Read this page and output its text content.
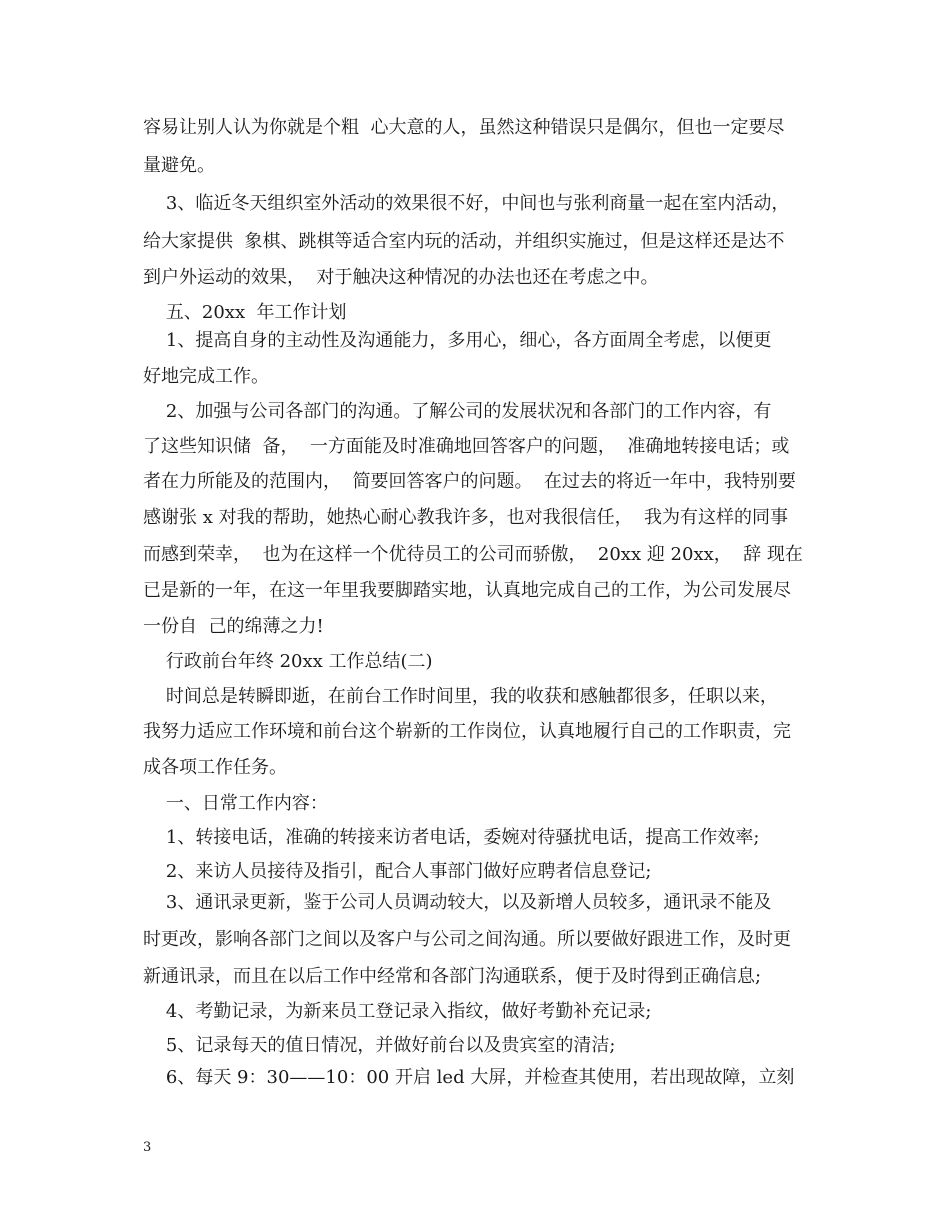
容易让别人认为你就是个粗  心大意的人，虽然这种错误只是偶尔，但也一定要尽
量避免。
3、临近冬天组织室外活动的效果很不好，中间也与张利商量一起在室内活动，
给大家提供  象棋、跳棋等适合室内玩的活动，并组织实施过，但是这样还是达不
到户外运动的效果，  对于触决这种情况的办法也还在考虑之中。
五、20xx  年工作计划
1、提高自身的主动性及沟通能力，多用心，细心，各方面周全考虑，以便更
好地完成工作。
2、加强与公司各部门的沟通。了解公司的发展状况和各部门的工作内容，有
了这些知识储  备，  一方面能及时准确地回答客户的问题，  准确地转接电话；或
者在力所能及的范围内，  简要回答客户的问题。  在过去的将近一年中，我特别要
感谢张 x 对我的帮助，她热心耐心教我许多，也对我很信任，  我为有这样的同事
而感到荣幸，  也为在这样一个优待员工的公司而骄傲，  20xx 迎 20xx，  辞 现在
已是新的一年，在这一年里我要脚踏实地，认真地完成自己的工作，为公司发展尽
一份自  己的绵薄之力!
行政前台年终 20xx 工作总结(二)
时间总是转瞬即逝，在前台工作时间里，我的收获和感触都很多，任职以来，
我努力适应工作环境和前台这个崭新的工作岗位，认真地履行自己的工作职责，完
成各项工作任务。
一、日常工作内容：
1、转接电话，准确的转接来访者电话，委婉对待骚扰电话，提高工作效率;
2、来访人员接待及指引，配合人事部门做好应聘者信息登记;
3、通讯录更新，鉴于公司人员调动较大，以及新增人员较多，通讯录不能及
时更改，影响各部门之间以及客户与公司之间沟通。所以要做好跟进工作，及时更
新通讯录，而且在以后工作中经常和各部门沟通联系，便于及时得到正确信息;
4、考勤记录，为新来员工登记录入指纹，做好考勤补充记录;
5、记录每天的值日情况，并做好前台以及贵宾室的清洁;
6、每天 9：30——10：00 开启 led 大屏，并检查其使用，若出现故障，立刻
3
